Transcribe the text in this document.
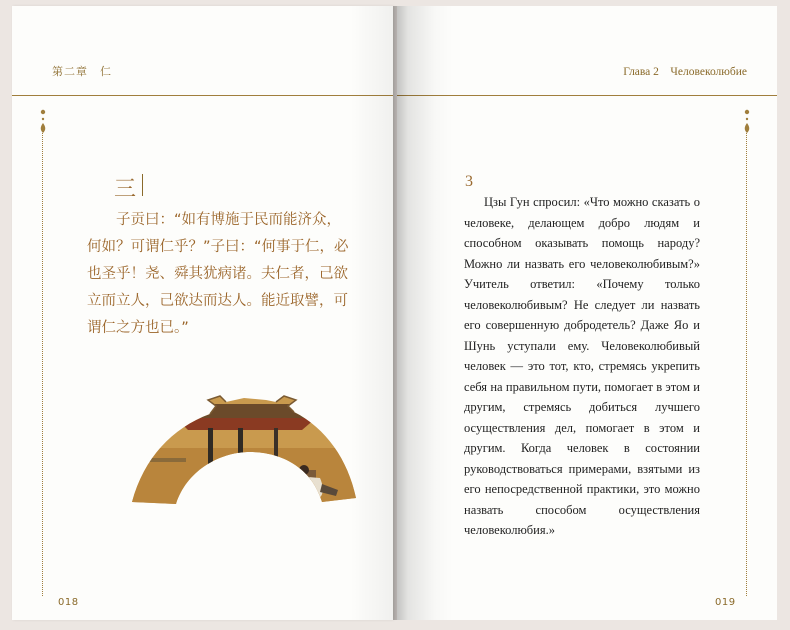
第二章　仁
三

子贡曰：“如有博施于民而能济众，何如？可谓仁乎？”子曰：“何事于仁，必也圣乎！尧、舜其犹病诸。夫仁者，己欲立而立人，己欲达而达人。能近取譬，可谓仁之方也已。”

018
Глава 2　Человеколюбие
3

Цзы Гун спросил: «Что можно сказать о человеке, делающем добро людям и способном оказывать помощь народу? Можно ли назвать его человеколюбивым?» Учитель ответил: «Почему только человеколюбивым? Не следует ли назвать его совершенную добродетель? Даже Яо и Шунь уступали ему. Человеколюбивый человек — это тот, кто, стремясь укрепить себя на правильном пути, помогает в этом и другим, стремясь добиться лучшего осуществления дел, помогает в этом и другим. Когда человек в состоянии руководствоваться примерами, взятыми из его непосредственной практики, это можно назвать способом осуществления человеколюбия.»

019
